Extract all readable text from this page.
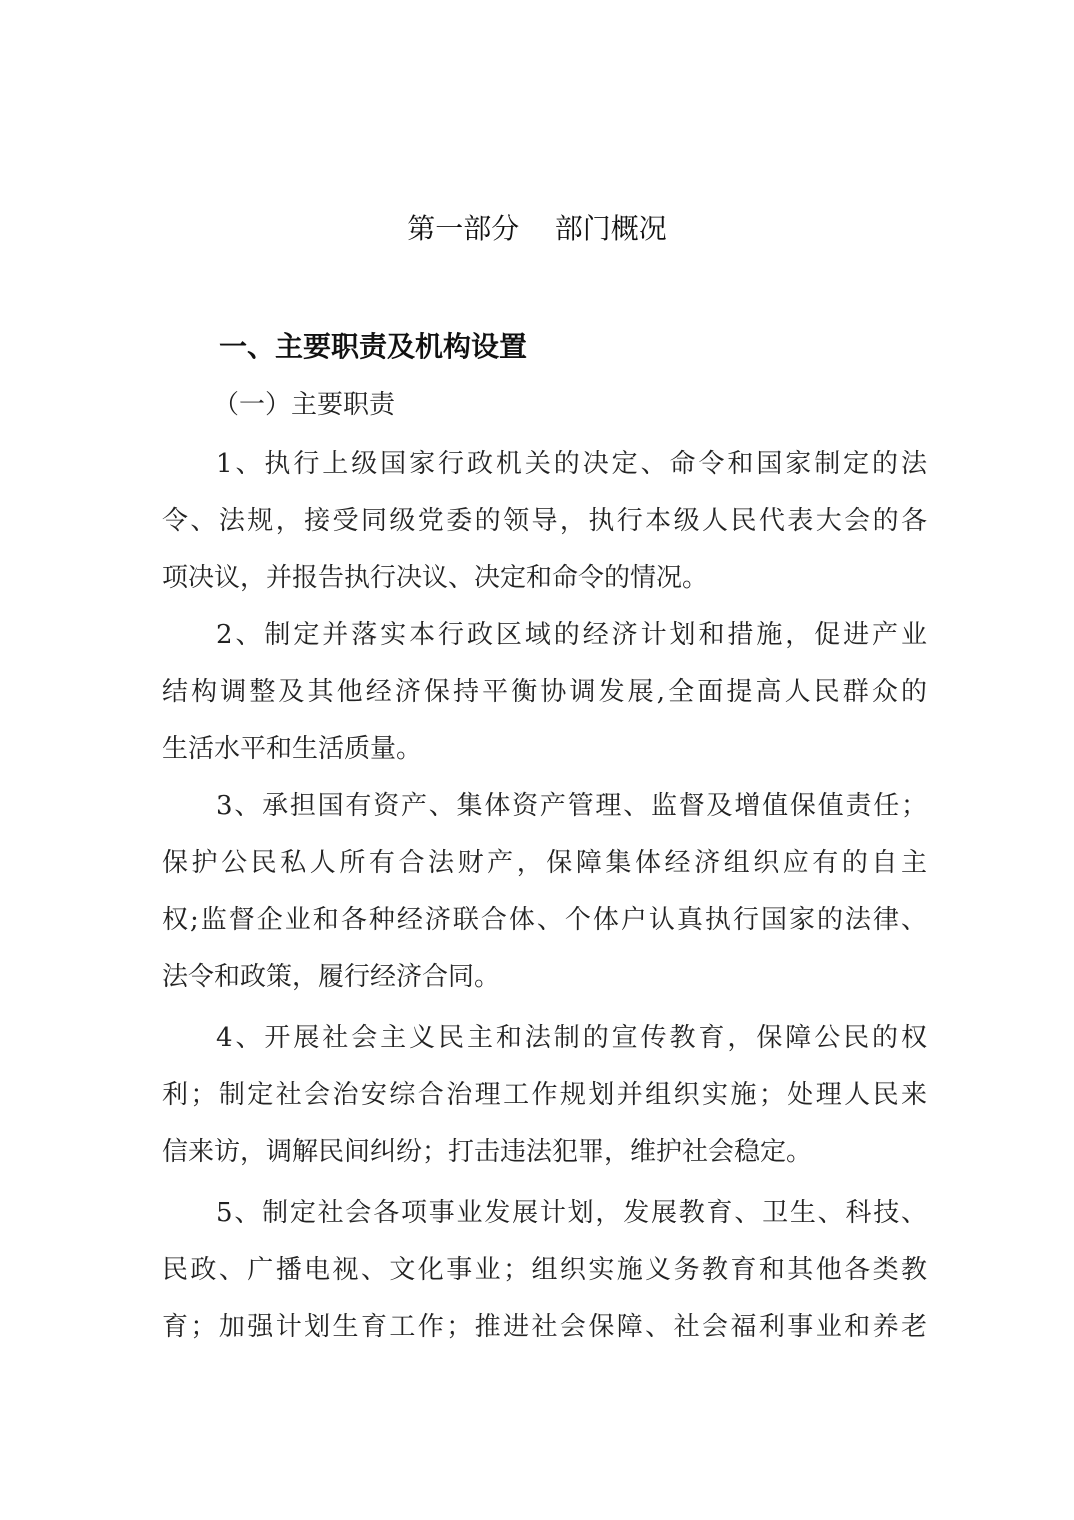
第一部分    部门概况
一、主要职责及机构设置
（一）主要职责
1、执行上级国家行政机关的决定、命令和国家制定的法
令、法规，接受同级党委的领导，执行本级人民代表大会的各
项决议，并报告执行决议、决定和命令的情况。
2、制定并落实本行政区域的经济计划和措施，促进产业
结构调整及其他经济保持平衡协调发展,全面提高人民群众的
生活水平和生活质量。
3、承担国有资产、集体资产管理、监督及增值保值责任；
保护公民私人所有合法财产，保障集体经济组织应有的自主
权;监督企业和各种经济联合体、个体户认真执行国家的法律、
法令和政策，履行经济合同。
4、开展社会主义民主和法制的宣传教育，保障公民的权
利；制定社会治安综合治理工作规划并组织实施；处理人民来
信来访，调解民间纠纷；打击违法犯罪，维护社会稳定。
5、制定社会各项事业发展计划，发展教育、卫生、科技、
民政、广播电视、文化事业；组织实施义务教育和其他各类教
育；加强计划生育工作；推进社会保障、社会福利事业和养老
